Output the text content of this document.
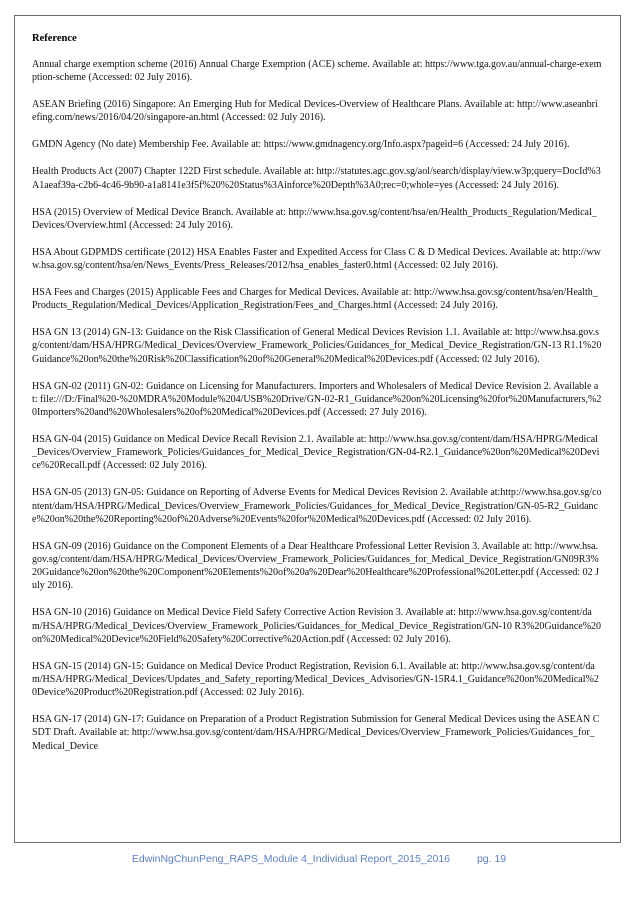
Reference

Annual charge exemption scheme (2016) Annual Charge Exemption (ACE) scheme. Available at: https://www.tga.gov.au/annual-charge-exemption-scheme (Accessed: 02 July 2016).

ASEAN Briefing (2016) Singapore: An Emerging Hub for Medical Devices-Overview of Healthcare Plans. Available at: http://www.aseanbriefing.com/news/2016/04/20/singapore-an.html (Accessed: 02 July 2016).

GMDN Agency (No date) Membership Fee. Available at: https://www.gmdnagency.org/Info.aspx?pageid=6 (Accessed: 24 July 2016).

Health Products Act (2007) Chapter 122D First schedule. Available at: http://statutes.agc.gov.sg/aol/search/display/view.w3p;query=DocId%3A1aeaf39a-c2b6-4c46-9b90-a1a8141e3f5f%20%20Status%3Ainforce%20Depth%3A0;rec=0;whole=yes (Accessed: 24 July 2016).

HSA (2015) Overview of Medical Device Branch. Available at: http://www.hsa.gov.sg/content/hsa/en/Health_Products_Regulation/Medical_Devices/Overview.html (Accessed: 24 July 2016).

HSA About GDPMDS certificate (2012) HSA Enables Faster and Expedited Access for Class C & D Medical Devices. Available at: http://www.hsa.gov.sg/content/hsa/en/News_Events/Press_Releases/2012/hsa_enables_faster0.html (Accessed: 02 July 2016).

HSA Fees and Charges (2015) Applicable Fees and Charges for Medical Devices. Available at: http://www.hsa.gov.sg/content/hsa/en/Health_Products_Regulation/Medical_Devices/Application_Registration/Fees_and_Charges.html (Accessed: 24 July 2016).

HSA GN 13 (2014) GN-13: Guidance on the Risk Classification of General Medical Devices Revision 1.1. Available at: http://www.hsa.gov.sg/content/dam/HSA/HPRG/Medical_Devices/Overview_Framework_Policies/Guidances_for_Medical_Device_Registration/GN-13 R1.1%20Guidance%20on%20the%20Risk%20Classification%20of%20General%20Medical%20Devices.pdf (Accessed: 02 July 2016).

HSA GN-02 (2011) GN-02: Guidance on Licensing for Manufacturers. Importers and Wholesalers of Medical Device Revision 2. Available at: file:///D:/Final%20-%20MDRA%20Module%204/USB%20Drive/GN-02-R1_Guidance%20on%20Licensing%20for%20Manufacturers,%20Importers%20and%20Wholesalers%20of%20Medical%20Devices.pdf (Accessed: 27 July 2016).

HSA GN-04 (2015) Guidance on Medical Device Recall Revision 2.1. Available at: http://www.hsa.gov.sg/content/dam/HSA/HPRG/Medical_Devices/Overview_Framework_Policies/Guidances_for_Medical_Device_Registration/GN-04-R2.1_Guidance%20on%20Medical%20Device%20Recall.pdf (Accessed: 02 July 2016).

HSA GN-05 (2013) GN-05: Guidance on Reporting of Adverse Events for Medical Devices Revision 2. Available at:http://www.hsa.gov.sg/content/dam/HSA/HPRG/Medical_Devices/Overview_Framework_Policies/Guidances_for_Medical_Device_Registration/GN-05-R2_Guidance%20on%20the%20Reporting%20of%20Adverse%20Events%20for%20Medical%20Devices.pdf (Accessed: 02 July 2016).

HSA GN-09 (2016) Guidance on the Component Elements of a Dear Healthcare Professional Letter Revision 3. Available at: http://www.hsa.gov.sg/content/dam/HSA/HPRG/Medical_Devices/Overview_Framework_Policies/Guidances_for_Medical_Device_Registration/GN09R3%20Guidance%20on%20the%20Component%20Elements%20of%20a%20Dear%20Healthcare%20Professional%20Letter.pdf (Accessed: 02 July 2016).

HSA GN-10 (2016) Guidance on Medical Device Field Safety Corrective Action Revision 3. Available at: http://www.hsa.gov.sg/content/dam/HSA/HPRG/Medical_Devices/Overview_Framework_Policies/Guidances_for_Medical_Device_Registration/GN-10 R3%20Guidance%20on%20Medical%20Device%20Field%20Safety%20Corrective%20Action.pdf (Accessed: 02 July 2016).

HSA GN-15 (2014) GN-15: Guidance on Medical Device Product Registration, Revision 6.1. Available at: http://www.hsa.gov.sg/content/dam/HSA/HPRG/Medical_Devices/Updates_and_Safety_reporting/Medical_Devices_Advisories/GN-15R4.1_Guidance%20on%20Medical%20Device%20Product%20Registration.pdf (Accessed: 02 July 2016).

HSA GN-17 (2014) GN-17: Guidance on Preparation of a Product Registration Submission for General Medical Devices using the ASEAN CSDT Draft. Available at: http://www.hsa.gov.sg/content/dam/HSA/HPRG/Medical_Devices/Overview_Framework_Policies/Guidances_for_Medical_Device

EdwinNgChunPeng_RAPS_Module 4_Individual Report_2015_2016	pg. 19
